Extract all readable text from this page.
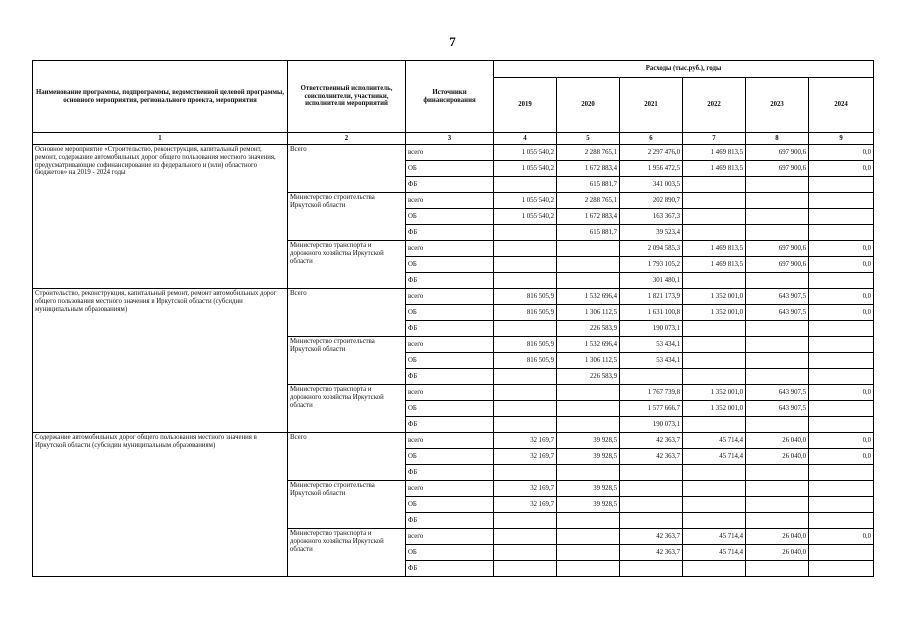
7
Наименование программы, подпрограммы, ведомственной целевой программы, основного мероприятия, регионального проекта, мероприятия	Ответственный исполнитель, соисполнители, участники, исполнители мероприятий	Источники финансирования	Расходы (тыс.руб.), годы					
			2019	2020	2021	2022	2023	2024
1	2	3	4	5	6	7	8	9
Основное мероприятие «Строительство, реконструкция, капитальный ремонт, ремонт, содержание автомобильных дорог общего пользования местного значения, предусматривающие софинансирование из федерального и (или) областного бюджетов» на 2019 - 2024 годы	Всего	всего	1 055 540,2	2 288 765,1	2 297 476,0	1 469 813,5	697 900,6	0,0
		ОБ	1 055 540,2	1 672 883,4	1 956 472,5	1 469 813,5	697 900,6	0,0
		ФБ		615 881,7	341 003,5			
	Министерство строительства Иркутской области	всего	1 055 540,2	2 288 765,1	202 890,7			
		ОБ	1 055 540,2	1 672 883,4	163 367,3			
		ФБ		615 881,7	39 523,4			
	Министерство транспорта и дорожного хозяйства Иркутской области	всего			2 094 585,3	1 469 813,5	697 900,6	0,0
		ОБ			1 793 105,2	1 469 813,5	697 900,6	0,0
		ФБ			301 480,1			
Строительство, реконструкция, капитальный ремонт, ремонт автомобильных дорог общего пользования местного значения в Иркутской области (субсидии муниципальным образованиям)	Всего	всего	816 505,9	1 532 696,4	1 821 173,9	1 352 001,0	643 907,5	0,0
		ОБ	816 505,9	1 306 112,5	1 631 100,8	1 352 001,0	643 907,5	0,0
		ФБ		226 583,9	190 073,1			
	Министерство строительства Иркутской области	всего	816 505,9	1 532 696,4	53 434,1			
		ОБ	816 505,9	1 306 112,5	53 434,1			
		ФБ		226 583,9				
	Министерство транспорта и дорожного хозяйства Иркутской области	всего			1 767 739,8	1 352 001,0	643 907,5	0,0
		ОБ			1 577 666,7	1 352 001,0	643 907,5	
		ФБ			190 073,1			
Содержание автомобильных дорог общего пользования местного значения в Иркутской области (субсидии муниципальным образованиям)	Всего	всего	32 169,7	39 928,5	42 363,7	45 714,4	26 040,0	0,0
		ОБ	32 169,7	39 928,5	42 363,7	45 714,4	26 040,0	0,0
		ФБ						
	Министерство строительства Иркутской области	всего	32 169,7	39 928,5				
		ОБ	32 169,7	39 928,5				
		ФБ						
	Министерство транспорта и дорожного хозяйства Иркутской области	всего			42 363,7	45 714,4	26 040,0	0,0
		ОБ			42 363,7	45 714,4	26 040,0	
		ФБ						
